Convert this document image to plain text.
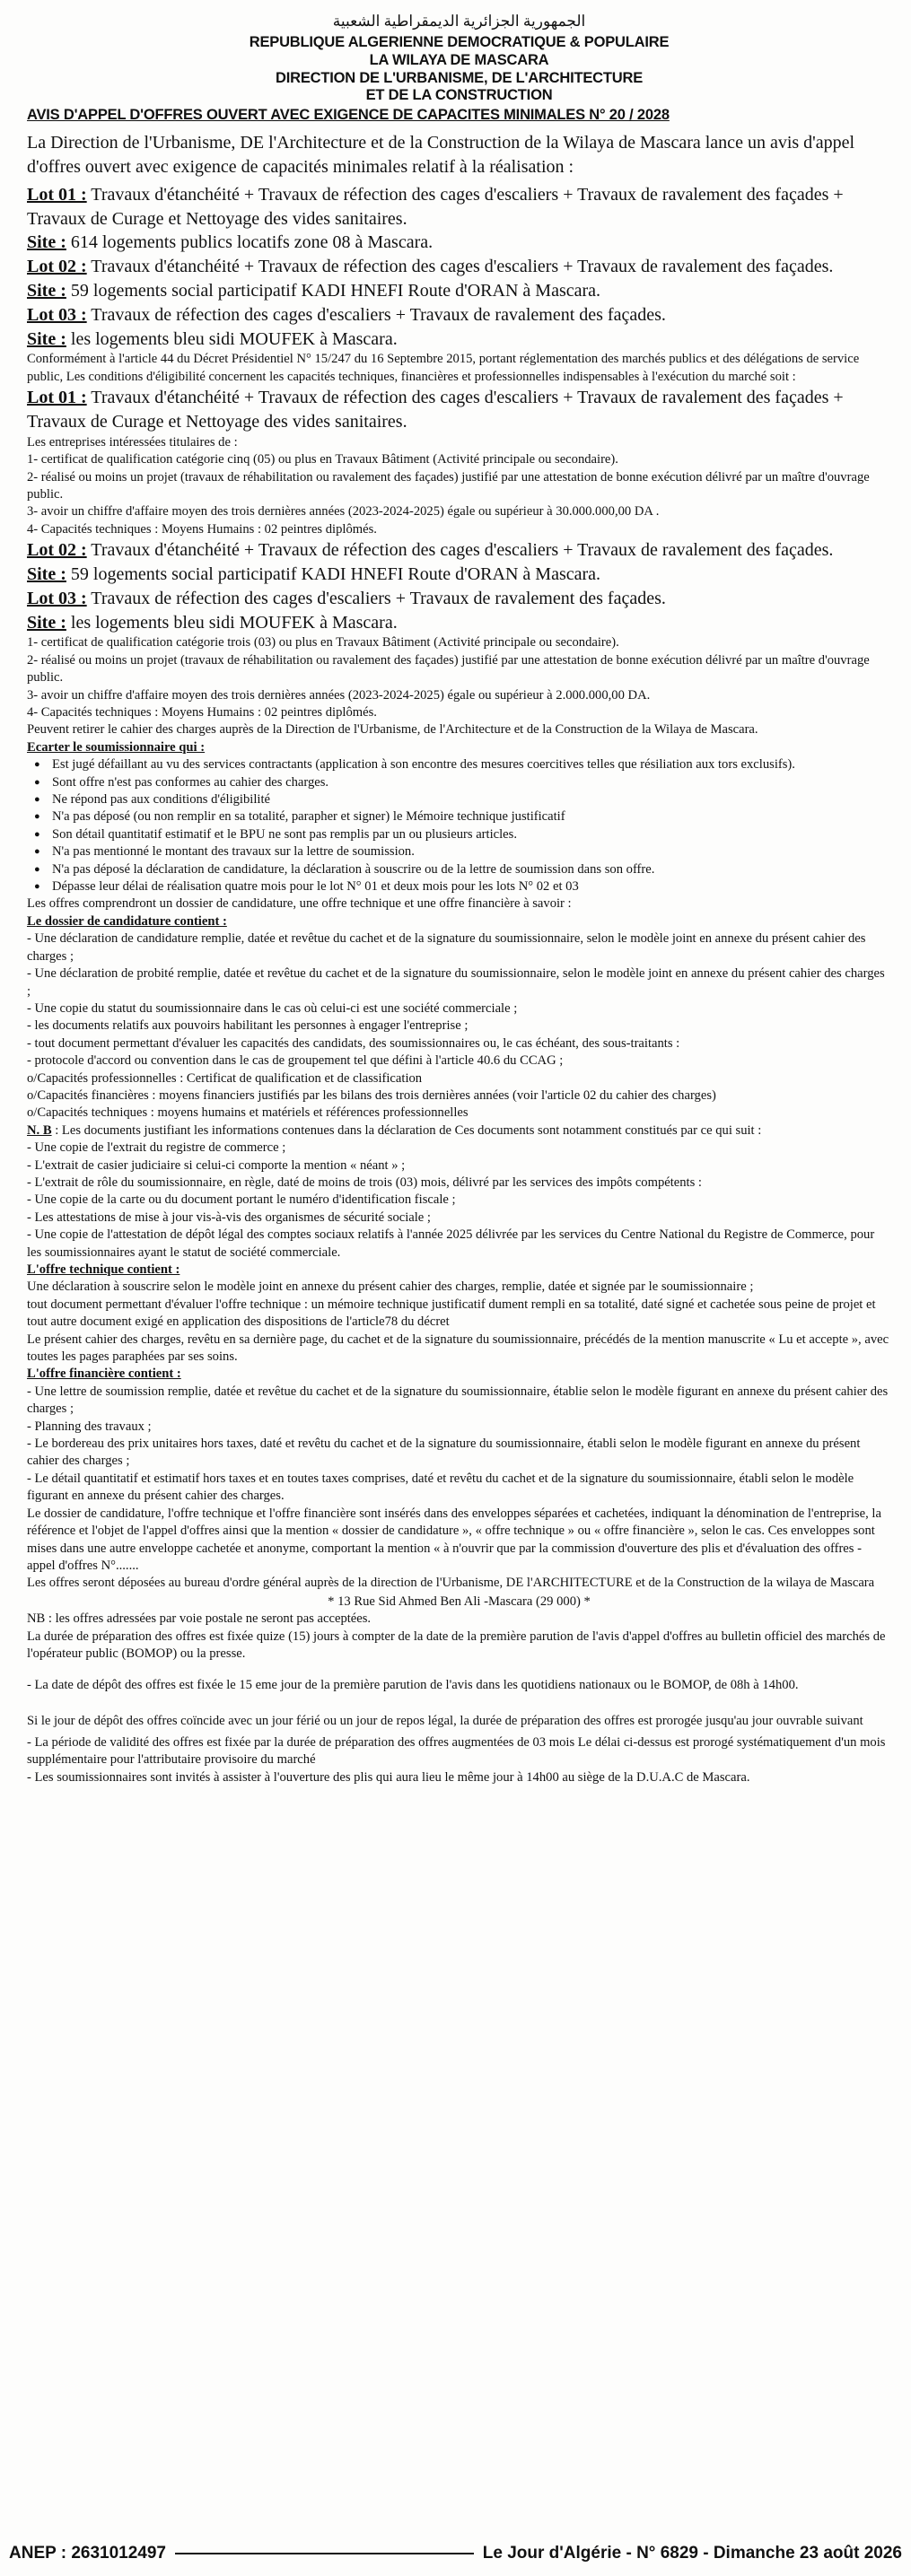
الجمهورية الجزائرية الديمقراطية الشعبية
REPUBLIQUE ALGERIENNE DEMOCRATIQUE & POPULAIRE
LA WILAYA DE MASCARA
DIRECTION DE L'URBANISME, DE L'ARCHITECTURE
ET DE LA CONSTRUCTION
AVIS D'APPEL D'OFFRES OUVERT AVEC EXIGENCE DE CAPACITES MINIMALES N° 20 / 2028

La Direction de l'Urbanisme, DE l'Architecture et de la Construction de la Wilaya de Mascara lance un avis d'appel d'offres ouvert avec exigence de capacités minimales relatif à la réalisation :

Lot 01 : Travaux d'étanchéité + Travaux de réfection des cages d'escaliers + Travaux de ravalement des façades + Travaux de Curage et Nettoyage des vides sanitaires.

Site : 614 logements publics locatifs zone 08 à Mascara.

Lot 02 : Travaux d'étanchéité + Travaux de réfection des cages d'escaliers + Travaux de ravalement des façades.

Site : 59 logements social participatif KADI HNEFI Route d'ORAN à Mascara.

Lot 03 : Travaux de réfection des cages d'escaliers + Travaux de ravalement des façades.

Site : les logements bleu sidi MOUFEK à Mascara.

Conformément à l'article 44 du Décret Présidentiel N° 15/247 du 16 Septembre 2015, portant réglementation des marchés publics et des délégations de service public, Les conditions d'éligibilité concernent les capacités techniques, financières et professionnelles indispensables à l'exécution du marché soit :

Lot 01 : Travaux d'étanchéité + Travaux de réfection des cages d'escaliers + Travaux de ravalement des façades + Travaux de Curage et Nettoyage des vides sanitaires.

Les entreprises intéressées titulaires de :

1- certificat de qualification catégorie cinq (05) ou plus en Travaux Bâtiment (Activité principale ou secondaire).

2- réalisé ou moins un projet (travaux de réhabilitation ou ravalement des façades) justifié par une attestation de bonne exécution délivré par un maître d'ouvrage public.

3- avoir un chiffre d'affaire moyen des trois dernières années (2023-2024-2025) égale ou supérieur à 30.000.000,00 DA .

4- Capacités techniques : Moyens Humains : 02 peintres diplômés.

Lot 02 : Travaux d'étanchéité + Travaux de réfection des cages d'escaliers + Travaux de ravalement des façades.

Site : 59 logements social participatif KADI HNEFI Route d'ORAN à Mascara.

Lot 03 : Travaux de réfection des cages d'escaliers + Travaux de ravalement des façades.

Site : les logements bleu sidi MOUFEK à Mascara.

1- certificat de qualification catégorie trois (03) ou plus en Travaux Bâtiment (Activité principale ou secondaire).

2- réalisé ou moins un projet (travaux de réhabilitation ou ravalement des façades) justifié par une attestation de bonne exécution délivré par un maître d'ouvrage public.

3- avoir un chiffre d'affaire moyen des trois dernières années (2023-2024-2025) égale ou supérieur à 2.000.000,00 DA.

4- Capacités techniques : Moyens Humains : 02 peintres diplômés.

Peuvent retirer le cahier des charges auprès de la Direction de l'Urbanisme, de l'Architecture et de la Construction de la Wilaya de Mascara.

Ecarter le soumissionnaire qui :

● Est jugé défaillant au vu des services contractants (application à son encontre des mesures coercitives telles que résiliation aux tors exclusifs).
● Sont offre n'est pas conformes au cahier des charges.
● Ne répond pas aux conditions d'éligibilité
● N'a pas déposé (ou non remplir en sa totalité, parapher et signer) le Mémoire technique justificatif
● Son détail quantitatif estimatif et le BPU ne sont pas remplis par un ou plusieurs articles.
● N'a pas mentionné le montant des travaux sur la lettre de soumission.
● N'a pas déposé la déclaration de candidature, la déclaration à souscrire ou de la lettre de soumission dans son offre.
● Dépasse leur délai de réalisation quatre mois pour le lot N° 01 et deux mois pour les lots N° 02 et 03

Les offres comprendront un dossier de candidature, une offre technique et une offre financière à savoir :

Le dossier de candidature contient :

- Une déclaration de candidature remplie, datée et revêtue du cachet et de la signature du soumissionnaire, selon le modèle joint en annexe du présent cahier des charges ;

- Une déclaration de probité remplie, datée et revêtue du cachet et de la signature du soumissionnaire, selon le modèle joint en annexe du présent cahier des charges ;

- Une copie du statut du soumissionnaire dans le cas où celui-ci est une société commerciale ;

- les documents relatifs aux pouvoirs habilitant les personnes à engager l'entreprise ;

- tout document permettant d'évaluer les capacités des candidats, des soumissionnaires ou, le cas échéant, des sous-traitants :

- protocole d'accord ou convention dans le cas de groupement tel que défini à l'article 40.6 du CCAG ;

o/Capacités professionnelles : Certificat de qualification et de classification

o/Capacités financières : moyens financiers justifiés par les bilans des trois dernières années (voir l'article 02 du cahier des charges)

o/Capacités techniques : moyens humains et matériels et références professionnelles

N. B : Les documents justifiant les informations contenues dans la déclaration de Ces documents sont notamment constitués par ce qui suit :

- Une copie de l'extrait du registre de commerce ;

- L'extrait de casier judiciaire si celui-ci comporte la mention « néant » ;

- L'extrait de rôle du soumissionnaire, en règle, daté de moins de trois (03) mois, délivré par les services des impôts compétents :

- Une copie de la carte ou du document portant le numéro d'identification fiscale ;

- Les attestations de mise à jour vis-à-vis des organismes de sécurité sociale ;

- Une copie de l'attestation de dépôt légal des comptes sociaux relatifs à l'année 2025 délivrée par les services du Centre National du Registre de Commerce, pour les soumissionnaires ayant le statut de société commerciale.

L'offre technique contient :

Une déclaration à souscrire selon le modèle joint en annexe du présent cahier des charges, remplie, datée et signée par le soumissionnaire ;

tout document permettant d'évaluer l'offre technique : un mémoire technique justificatif dument rempli en sa totalité, daté signé et cachetée sous peine de projet et tout autre document exigé en application des dispositions de l'article78 du décret

Le présent cahier des charges, revêtu en sa dernière page, du cachet et de la signature du soumissionnaire, précédés de la mention manuscrite « Lu et accepte », avec toutes les pages paraphées par ses soins.

L'offre financière contient :

- Une lettre de soumission remplie, datée et revêtue du cachet et de la signature du soumissionnaire, établie selon le modèle figurant en annexe du présent cahier des charges ;

- Planning des travaux ;

- Le bordereau des prix unitaires hors taxes, daté et revêtu du cachet et de la signature du soumissionnaire, établi selon le modèle figurant en annexe du présent cahier des charges ;

- Le détail quantitatif et estimatif hors taxes et en toutes taxes comprises, daté et revêtu du cachet et de la signature du soumissionnaire, établi selon le modèle figurant en annexe du présent cahier des charges.

Le dossier de candidature, l'offre technique et l'offre financière sont insérés dans des enveloppes séparées et cachetées, indiquant la dénomination de l'entreprise, la référence et l'objet de l'appel d'offres ainsi que la mention « dossier de candidature », « offre technique » ou « offre financière », selon le cas. Ces enveloppes sont mises dans une autre enveloppe cachetée et anonyme, comportant la mention « à n'ouvrir que par la commission d'ouverture des plis et d'évaluation des offres - appel d'offres N°.......

Les offres seront déposées au bureau d'ordre général auprès de la direction de l'Urbanisme, DE l'ARCHITECTURE et de la Construction de la wilaya de Mascara

* 13 Rue Sid Ahmed Ben Ali -Mascara (29 000) *

NB : les offres adressées par voie postale ne seront pas acceptées.

La durée de préparation des offres est fixée quize (15) jours à compter de la date de la première parution de l'avis d'appel d'offres au bulletin officiel des marchés de l'opérateur public (BOMOP) ou la presse.

- La date de dépôt des offres est fixée le 15 eme jour de la première parution de l'avis dans les quotidiens nationaux ou le BOMOP, de 08h à 14h00.

Si le jour de dépôt des offres coïncide avec un jour férié ou un jour de repos légal, la durée de préparation des offres est prorogée jusqu'au jour ouvrable suivant

- La période de validité des offres est fixée par la durée de préparation des offres augmentées de 03 mois Le délai ci-dessus est prorogé systématiquement d'un mois supplémentaire pour l'attributaire provisoire du marché

- Les soumissionnaires sont invités à assister à l'ouverture des plis qui aura lieu le même jour à 14h00 au siège de la D.U.A.C de Mascara.

ANEP : 2631012497	Le Jour d'Algérie - N° 6829 - Dimanche 23 août 2026
